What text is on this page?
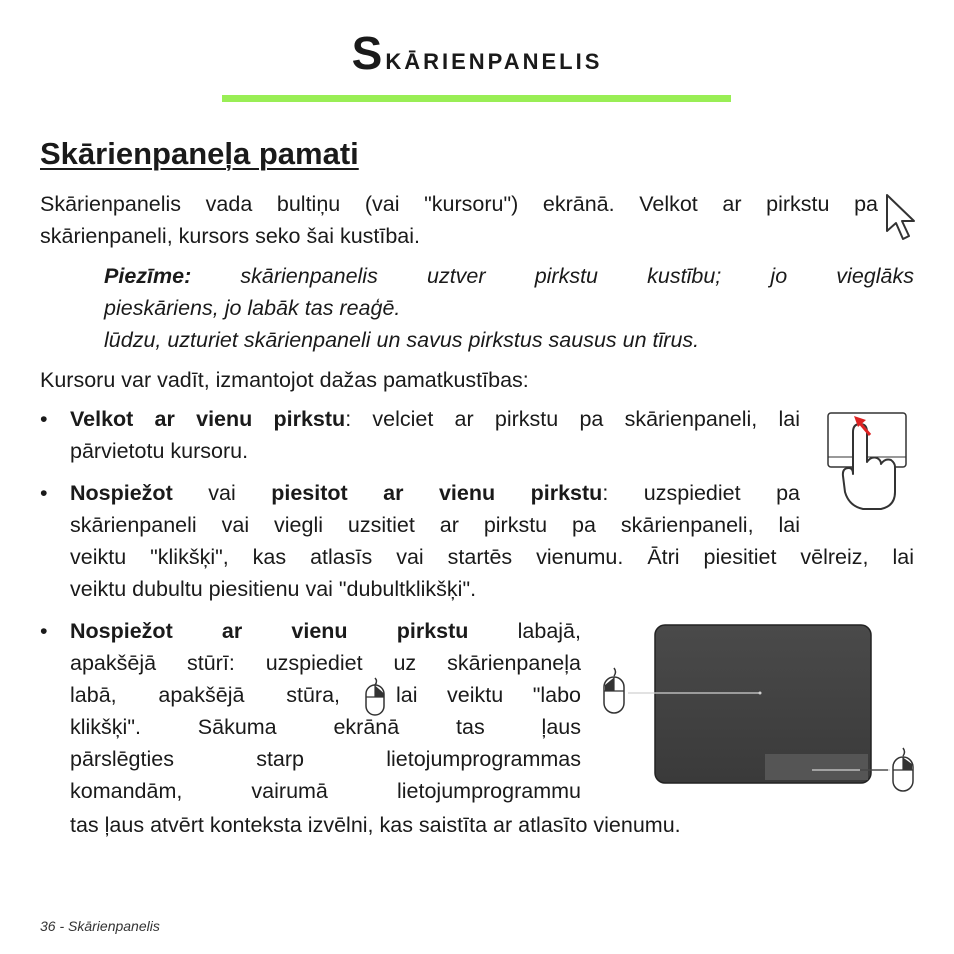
Skārienpanelis
Skārienpaneļa pamati
Skārienpanelis vada bultiņu (vai "kursoru") ekrānā. Velkot ar pirkstu pa
skārienpaneli, kursors seko šai kustībai.
Piezīme: skārienpanelis uztver pirkstu kustību; jo vieglāks
pieskāriens, jo labāk tas reaģē.
lūdzu, uzturiet skārienpaneli un savus pirkstus sausus un tīrus.
Kursoru var vadīt, izmantojot dažas pamatkustības:
• Velkot ar vienu pirkstu: velciet ar pirkstu pa skārienpaneli, lai
pārvietotu kursoru.
• Nospiežot vai piesitot ar vienu pirkstu: uzspiediet pa
skārienpaneli vai viegli uzsitiet ar pirkstu pa skārienpaneli, lai
veiktu "klikšķi", kas atlasīs vai startēs vienumu. Ātri piesitiet vēlreiz, lai
veiktu dubultu piesitienu vai "dubultklikšķi".
• Nospiežot ar vienu pirkstu labajā,
apakšējā stūrī: uzspiediet uz skārienpaneļa
labā, apakšējā stūra,	lai veiktu "labo
klikšķi". Sākuma ekrānā tas ļaus
pārslēgties starp lietojumprogrammas
komandām, vairumā lietojumprogrammu
tas ļaus atvērt konteksta izvēlni, kas saistīta ar atlasīto vienumu.
36 - Skārienpanelis
